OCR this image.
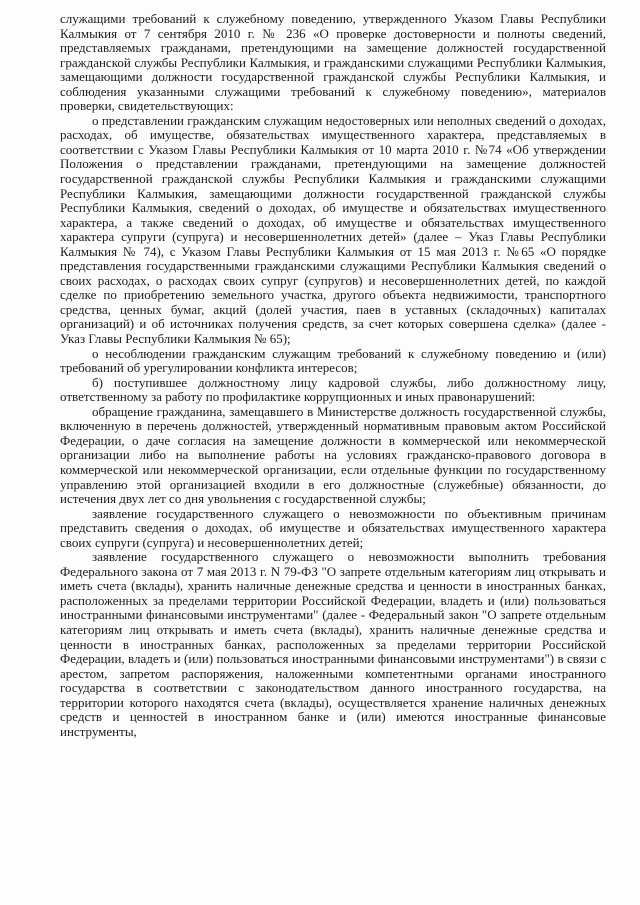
служащими требований к служебному поведению, утвержденного Указом Главы Республики Калмыкия от 7 сентября 2010 г. № 236 «О проверке достоверности и полноты сведений, представляемых гражданами, претендующими на замещение должностей государственной гражданской службы Республики Калмыкия, и гражданскими служащими Республики Калмыкия, замещающими должности государственной гражданской службы Республики Калмыкия, и соблюдения указанными служащими требований к служебному поведению», материалов проверки, свидетельствующих:

о представлении гражданским служащим недостоверных или неполных сведений о доходах, расходах, об имуществе, обязательствах имущественного характера, представляемых в соответствии с Указом Главы Республики Калмыкия от 10 марта 2010 г. №74 «Об утверждении Положения о представлении гражданами, претендующими на замещение должностей государственной гражданской службы Республики Калмыкия и гражданскими служащими Республики Калмыкия, замещающими должности государственной гражданской службы Республики Калмыкия, сведений о доходах, об имуществе и обязательствах имущественного характера, а также сведений о доходах, об имуществе и обязательствах имущественного характера супруги (супруга) и несовершеннолетних детей» (далее – Указ Главы Республики Калмыкия № 74), с Указом Главы Республики Калмыкия от 15 мая 2013 г. №65 «О порядке представления государственными гражданскими служащими Республики Калмыкия сведений о своих расходах, о расходах своих супруг (супругов) и несовершеннолетних детей, по каждой сделке по приобретению земельного участка, другого объекта недвижимости, транспортного средства, ценных бумаг, акций (долей участия, паев в уставных (складочных) капиталах организаций) и об источниках получения средств, за счет которых совершена сделка» (далее - Указ Главы Республики Калмыкия № 65);

о несоблюдении гражданским служащим требований к служебному поведению и (или) требований об урегулировании конфликта интересов;

б) поступившее должностному лицу кадровой службы, либо должностному лицу, ответственному за работу по профилактике коррупционных и иных правонарушений:

обращение гражданина, замещавшего в Министерстве должность государственной службы, включенную в перечень должностей, утвержденный нормативным правовым актом Российской Федерации, о даче согласия на замещение должности в коммерческой или некоммерческой организации либо на выполнение работы на условиях гражданско-правового договора в коммерческой или некоммерческой организации, если отдельные функции по государственному управлению этой организацией входили в его должностные (служебные) обязанности, до истечения двух лет со дня увольнения с государственной службы;

заявление государственного служащего о невозможности по объективным причинам представить сведения о доходах, об имуществе и обязательствах имущественного характера своих супруги (супруга) и несовершеннолетних детей;

заявление государственного служащего о невозможности выполнить требования Федерального закона от 7 мая 2013 г. N 79-ФЗ "О запрете отдельным категориям лиц открывать и иметь счета (вклады), хранить наличные денежные средства и ценности в иностранных банках, расположенных за пределами территории Российской Федерации, владеть и (или) пользоваться иностранными финансовыми инструментами" (далее - Федеральный закон "О запрете отдельным категориям лиц открывать и иметь счета (вклады), хранить наличные денежные средства и ценности в иностранных банках, расположенных за пределами территории Российской Федерации, владеть и (или) пользоваться иностранными финансовыми инструментами") в связи с арестом, запретом распоряжения, наложенными компетентными органами иностранного государства в соответствии с законодательством данного иностранного государства, на территории которого находятся счета (вклады), осуществляется хранение наличных денежных средств и ценностей в иностранном банке и (или) имеются иностранные финансовые инструменты,
